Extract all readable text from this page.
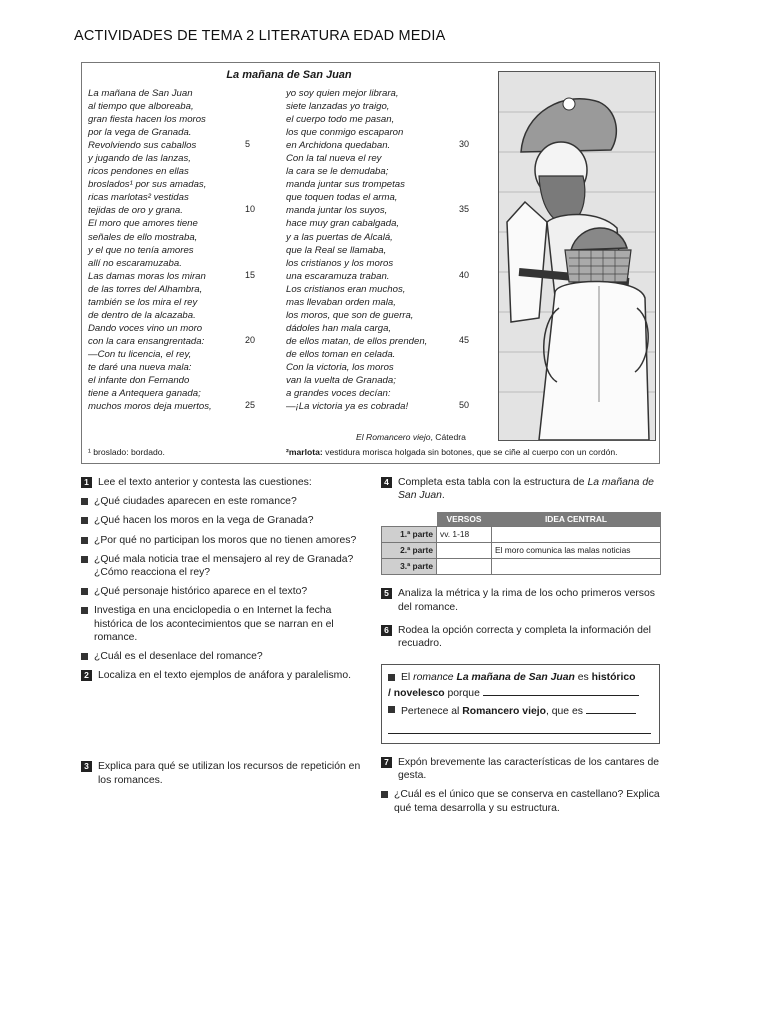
ACTIVIDADES DE TEMA 2 LITERATURA EDAD MEDIA
La mañana de San Juan
La mañana de San Juan
al tiempo que alboreaba,
gran fiesta hacen los moros
por la vega de Granada.
Revolviendo sus caballos
y jugando de las lanzas,
ricos pendones en ellas
broslados¹ por sus amadas,
ricas marlotas² vestidas
tejidas de oro y grana.
El moro que amores tiene
señales de ello mostraba,
y el que no tenía amores
allí no escaramuzaba.
Las damas moras los miran
de las torres del Alhambra,
también se los mira el rey
de dentro de la alcazaba.
Dando voces vino un moro
con la cara ensangrentada:
—Con tu licencia, el rey,
te daré una nueva mala:
el infante don Fernando
tiene a Antequera ganada;
muchos moros deja muertos,
yo soy quien mejor librara,
siete lanzadas yo traigo,
el cuerpo todo me pasan,
los que conmigo escaparon
en Archidona quedaban.
Con la tal nueva el rey
la cara se le demudaba;
manda juntar sus trompetas
que toquen todas el arma,
manda juntar los suyos,
hace muy gran cabalgada,
y a las puertas de Alcalá,
que la Real se llamaba,
los cristianos y los moros
una escaramuza traban.
Los cristianos eran muchos,
mas llevaban orden mala,
los moros, que son de guerra,
dádoles han mala carga,
de ellos matan, de ellos prenden,
de ellos toman en celada.
Con la victoria, los moros
van la vuelta de Granada;
a grandes voces decían:
—¡La victoria ya es cobrada!
5
10
15
20
25
30
35
40
45
50
El Romancero viejo, Cátedra
¹ broslado: bordado.	²marlota: vestidura morisca holgada sin botones, que se ciñe al cuerpo con un cordón.
1 Lee el texto anterior y contesta las cuestiones:

¿Qué ciudades aparecen en este romance?

¿Qué hacen los moros en la vega de Granada?

¿Por qué no participan los moros que no tienen amores?

¿Qué mala noticia trae el mensajero al rey de Granada? ¿Cómo reacciona el rey?

¿Qué personaje histórico aparece en el texto?

Investiga en una enciclopedia o en Internet la fecha histórica de los acontecimientos que se narran en el romance.

¿Cuál es el desenlace del romance?

2 Localiza en el texto ejemplos de anáfora y paralelismo.

3 Explica para qué se utilizan los recursos de repetición en los romances.

4 Completa esta tabla con la estructura de La mañana de San Juan.

	VERSOS	IDEA CENTRAL
1.ª parte	vv. 1-18	
2.ª parte		El moro comunica las malas noticias
3.ª parte		
5 Analiza la métrica y la rima de los ocho primeros versos del romance.

6 Rodea la opción correcta y completa la información del recuadro.

El romance La mañana de San Juan es histórico
/ novelesco porque
Pertenece al Romancero viejo, que es
7 Expón brevemente las características de los cantares de gesta.

¿Cuál es el único que se conserva en castellano? Explica qué tema desarrolla y su estructura.
